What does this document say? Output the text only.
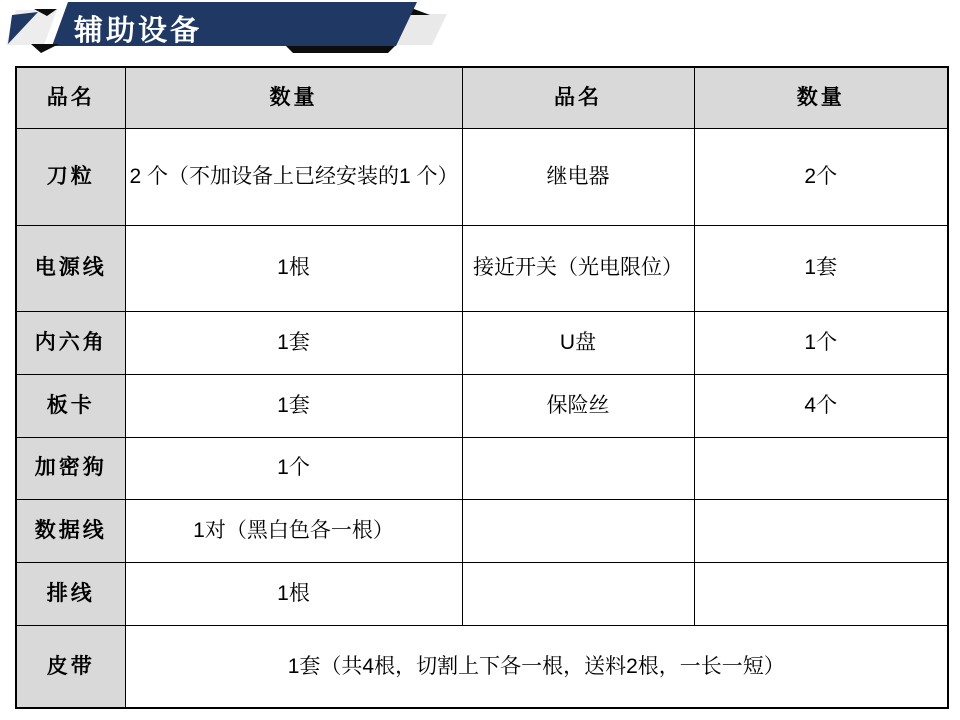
辅助设备
品名	数量	品名	数量
刀粒	2 个（不加设备上已经安装的1 个）	继电器	2个
电源线	1根	接近开关（光电限位）	1套
内六角	1套	U盘	1个
板卡	1套	保险丝	4个
加密狗	1个		
数据线	1对（黑白色各一根）		
排线	1根		
皮带	1套（共4根，切割上下各一根，送料2根，一长一短）		
